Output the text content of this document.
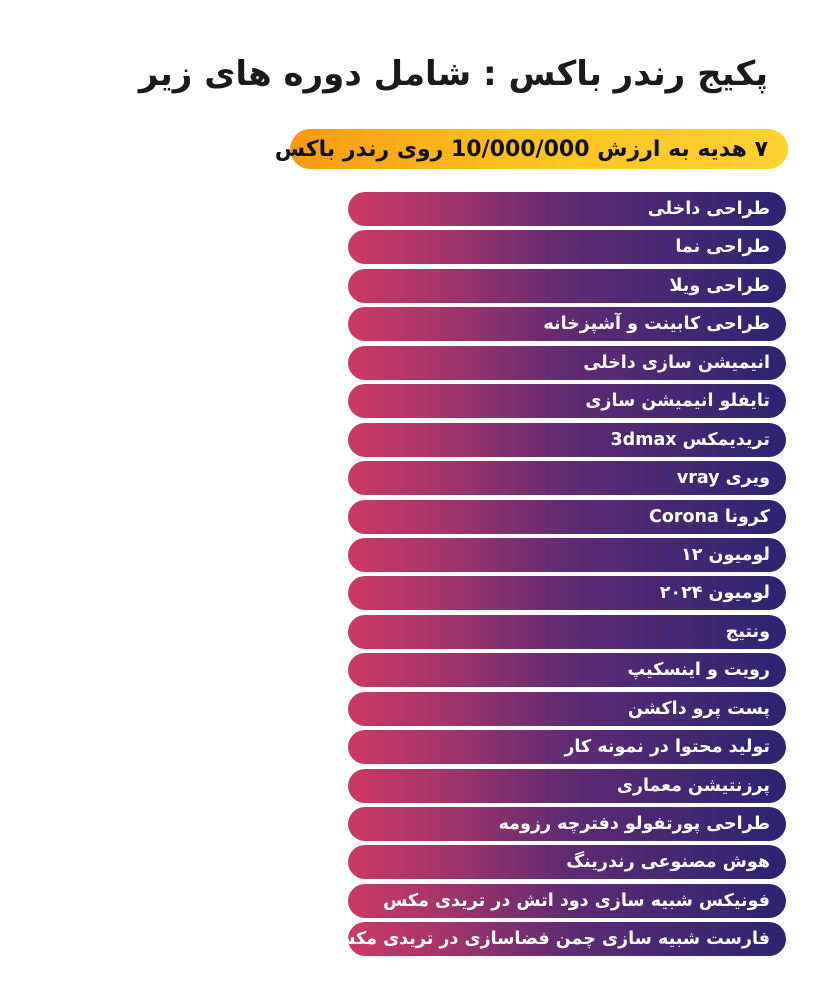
پکیج رندر باکس : شامل دوره های زیر
۷ هدیه به ارزش 10/000/000 روی رندر باکس
طراحی داخلی
طراحی نما
طراحی ویلا
طراحی کابینت و آشپزخانه
انیمیشن سازی داخلی
تایفلو انیمیشن سازی
تریدیمکس 3dmax
ویری vray
کرونا Corona
لومیون ۱۲
لومیون ۲۰۲۴
ونتیج
رویت و اینسکیپ
پست پرو داکشن
تولید محتوا در نمونه کار
پرزنتیشن معماری
طراحی پورتفولو دفترچه رزومه
هوش مصنوعی رندرینگ
فونیکس شبیه سازی دود اتش در تریدی مکس
فارست شبیه سازی چمن فضاسازی در تریدی مکس
